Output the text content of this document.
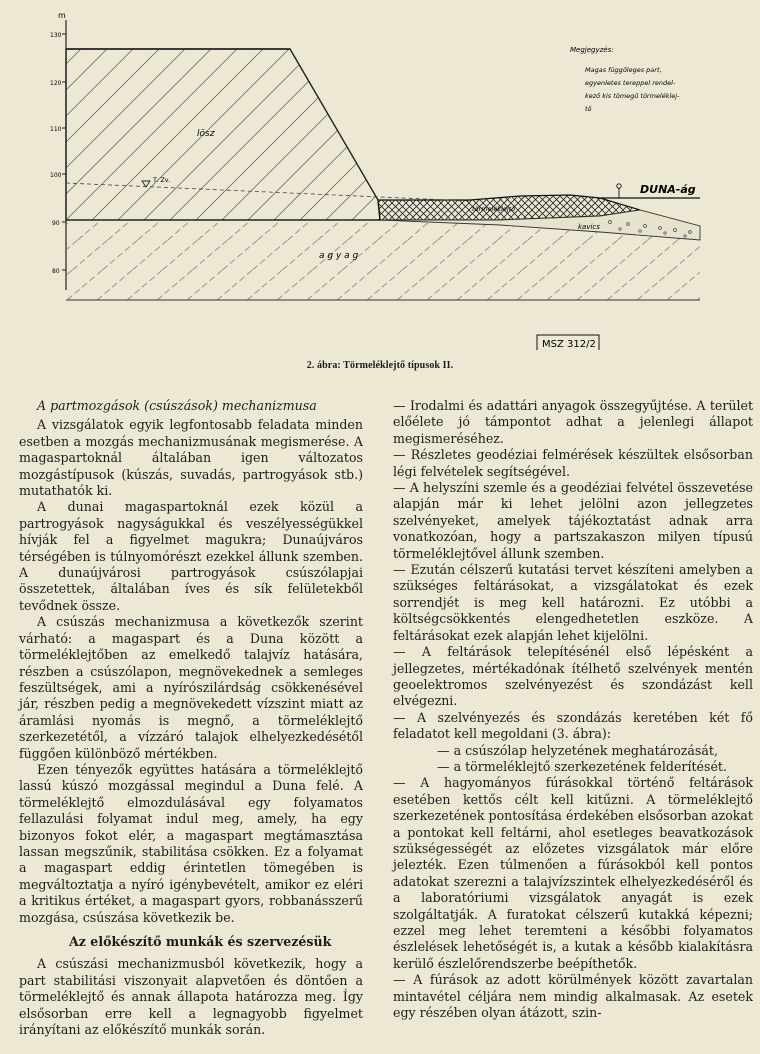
m
130
120
110
100
90
80
lösz
T. Zv.
törmeléklejtő
kavics
a g y a g
DUNA-ág
Megjegyzés:
Magas függőleges part,
egyenletes tereppel rendel-
kező kis tömegű törmeléklej-
tő
MSZ 312/2
2. ábra: Törmeléklejtő típusok II.

A partmozgások (csúszások) mechanizmusa

A vizsgálatok egyik legfontosabb feladata minden esetben a mozgás mechanizmusának megismerése. A magaspartoknál általában igen változatos mozgástípusok (kúszás, suvadás, partrogyások stb.) mutathatók ki.

A dunai magaspartoknál ezek közül a partrogyások nagyságukkal és veszélyességükkel hívják fel a figyelmet magukra; Dunaújváros térségében is túlnyomórészt ezekkel állunk szemben. A dunaújvárosi partrogyások csúszólapjai összetettek, általában íves és sík felületekből tevődnek össze.

A csúszás mechanizmusa a következők szerint várható: a magaspart és a Duna között a törmeléklejtőben az emelkedő talajvíz hatására, részben a csúszólapon, megnövekednek a semleges feszültségek, ami a nyírószilárdság csökkenésével jár, részben pedig a megnövekedett vízszint miatt az áramlási nyomás is megnő, a törmeléklejtő szerkezetétől, a vízzáró talajok elhelyezkedésétől függően különböző mértékben.

Ezen tényezők együttes hatására a törmeléklejtő lassú kúszó mozgással megindul a Duna felé. A törmeléklejtő elmozdulásával egy folyamatos fellazulási folyamat indul meg, amely, ha egy bizonyos fokot elér, a magaspart megtámasztása lassan megszűnik, stabilitása csökken. Ez a folyamat a magaspart eddig érintetlen tömegében is megváltoztatja a nyíró igénybevételt, amikor ez eléri a kritikus értéket, a magaspart gyors, robbanásszerű mozgása, csúszása következik be.

Az előkészítő munkák és szervezésük

A csúszási mechanizmusból következik, hogy a part stabilitási viszonyait alapvetően és döntően a törmeléklejtő és annak állapota határozza meg. Így elsősorban erre kell a legnagyobb figyelmet irányítani az előkészítő munkák során.

— Irodalmi és adattári anyagok összegyűjtése. A terület előélete jó támpontot adhat a jelenlegi állapot megismeréséhez.

— Részletes geodéziai felmérések készültek elsősorban légi felvételek segítségével.

— A helyszíni szemle és a geodéziai felvétel összevetése alapján már ki lehet jelölni azon jellegzetes szelvényeket, amelyek tájékoztatást adnak arra vonatkozóan, hogy a partszakaszon milyen típusú törmeléklejtővel állunk szemben.

— Ezután célszerű kutatási tervet készíteni amelyben a szükséges feltárásokat, a vizsgálatokat és ezek sorrendjét is meg kell határozni. Ez utóbbi a költségcsökkentés elengedhetetlen eszköze. A feltárásokat ezek alapján lehet kijelölni.

— A feltárások telepítésénél első lépésként a jellegzetes, mértékadónak ítélhető szelvények mentén geoelektromos szelvényezést és szondázást kell elvégezni.

— A szelvényezés és szondázás keretében két fő feladatot kell megoldani (3. ábra):

— a csúszólap helyzetének meghatározását,

— a törmeléklejtő szerkezetének felderítését.

— A hagyományos fúrásokkal történő feltárások esetében kettős célt kell kitűzni. A törmeléklejtő szerkezetének pontosítása érdekében elsősorban azokat a pontokat kell feltárni, ahol esetleges beavatkozások szükségességét az előzetes vizsgálatok már előre jelezték. Ezen túlmenően a fúrásokból kell pontos adatokat szerezni a talajvízszintek elhelyezkedéséről és a laboratóriumi vizsgálatok anyagát is ezek szolgáltatják. A furatokat célszerű kutakká képezni; ezzel meg lehet teremteni a későbbi folyamatos észlelések lehetőségét is, a kutak a később kialakításra kerülő észlelőrendszerbe beépíthetők.

— A fúrások az adott körülmények között zavartalan mintavétel céljára nem mindig alkalmasak. Az esetek egy részében olyan átázott, szin-
